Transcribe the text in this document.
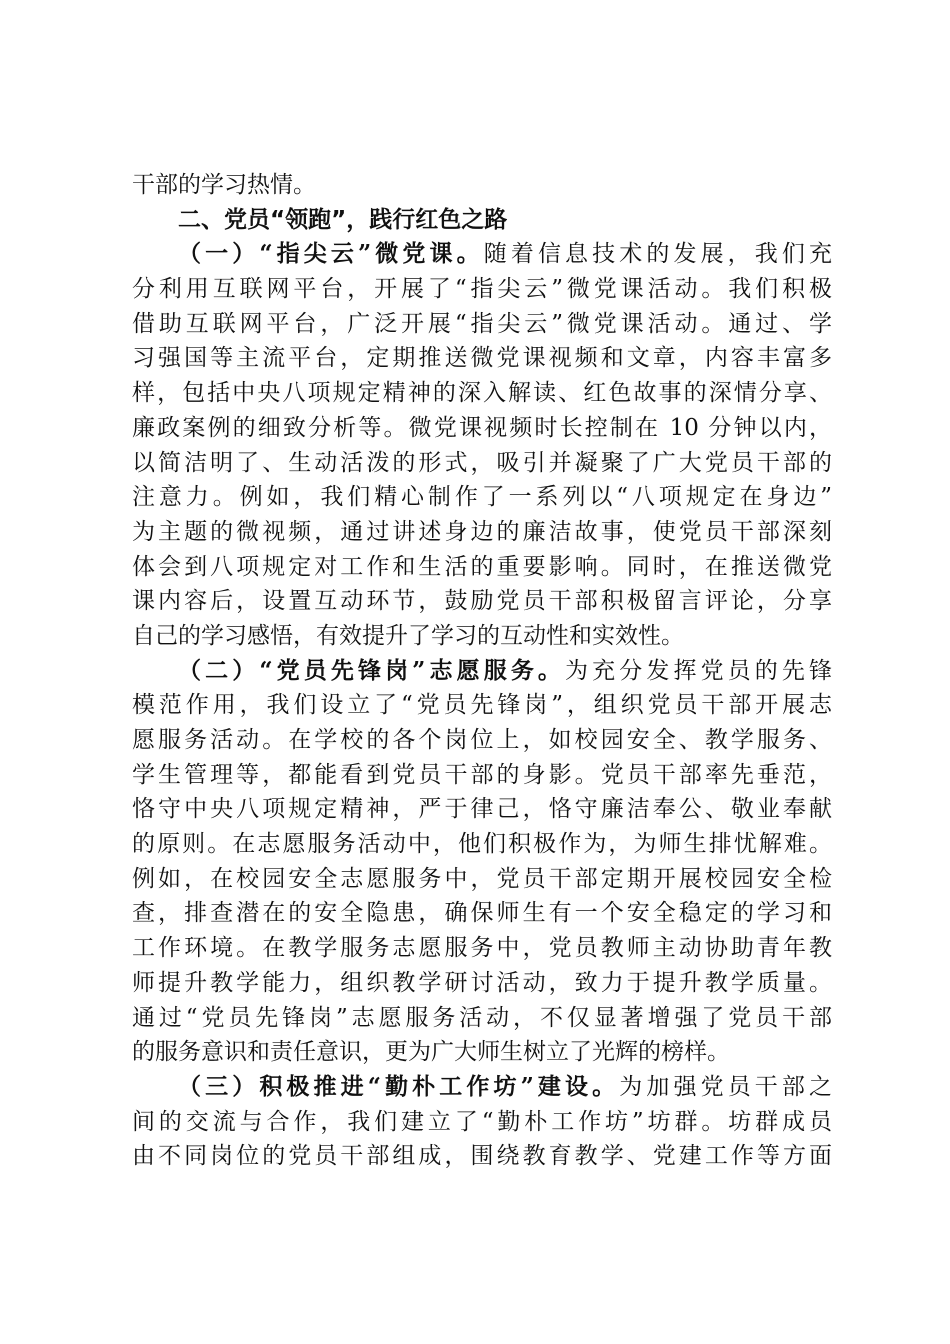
干部的学习热情。
二、党员“领跑”，践行红色之路
（一）“指尖云”微党课。随着信息技术的发展，我们充
分利用互联网平台，开展了“指尖云”微党课活动。我们积极
借助互联网平台，广泛开展“指尖云”微党课活动。通过、学
习强国等主流平台，定期推送微党课视频和文章，内容丰富多
样，包括中央八项规定精神的深入解读、红色故事的深情分享、
廉政案例的细致分析等。微党课视频时长控制在 10 分钟以内，
以简洁明了、生动活泼的形式，吸引并凝聚了广大党员干部的
注意力。例如，我们精心制作了一系列以“八项规定在身边”
为主题的微视频，通过讲述身边的廉洁故事，使党员干部深刻
体会到八项规定对工作和生活的重要影响。同时，在推送微党
课内容后，设置互动环节，鼓励党员干部积极留言评论，分享
自己的学习感悟，有效提升了学习的互动性和实效性。
（二）“党员先锋岗”志愿服务。为充分发挥党员的先锋
模范作用，我们设立了“党员先锋岗”，组织党员干部开展志
愿服务活动。在学校的各个岗位上，如校园安全、教学服务、
学生管理等，都能看到党员干部的身影。党员干部率先垂范，
恪守中央八项规定精神，严于律己，恪守廉洁奉公、敬业奉献
的原则。在志愿服务活动中，他们积极作为，为师生排忧解难。
例如，在校园安全志愿服务中，党员干部定期开展校园安全检
查，排查潜在的安全隐患，确保师生有一个安全稳定的学习和
工作环境。在教学服务志愿服务中，党员教师主动协助青年教
师提升教学能力，组织教学研讨活动，致力于提升教学质量。
通过“党员先锋岗”志愿服务活动，不仅显著增强了党员干部
的服务意识和责任意识，更为广大师生树立了光辉的榜样。
（三）积极推进“勤朴工作坊”建设。为加强党员干部之
间的交流与合作，我们建立了“勤朴工作坊”坊群。坊群成员
由不同岗位的党员干部组成，围绕教育教学、党建工作等方面
